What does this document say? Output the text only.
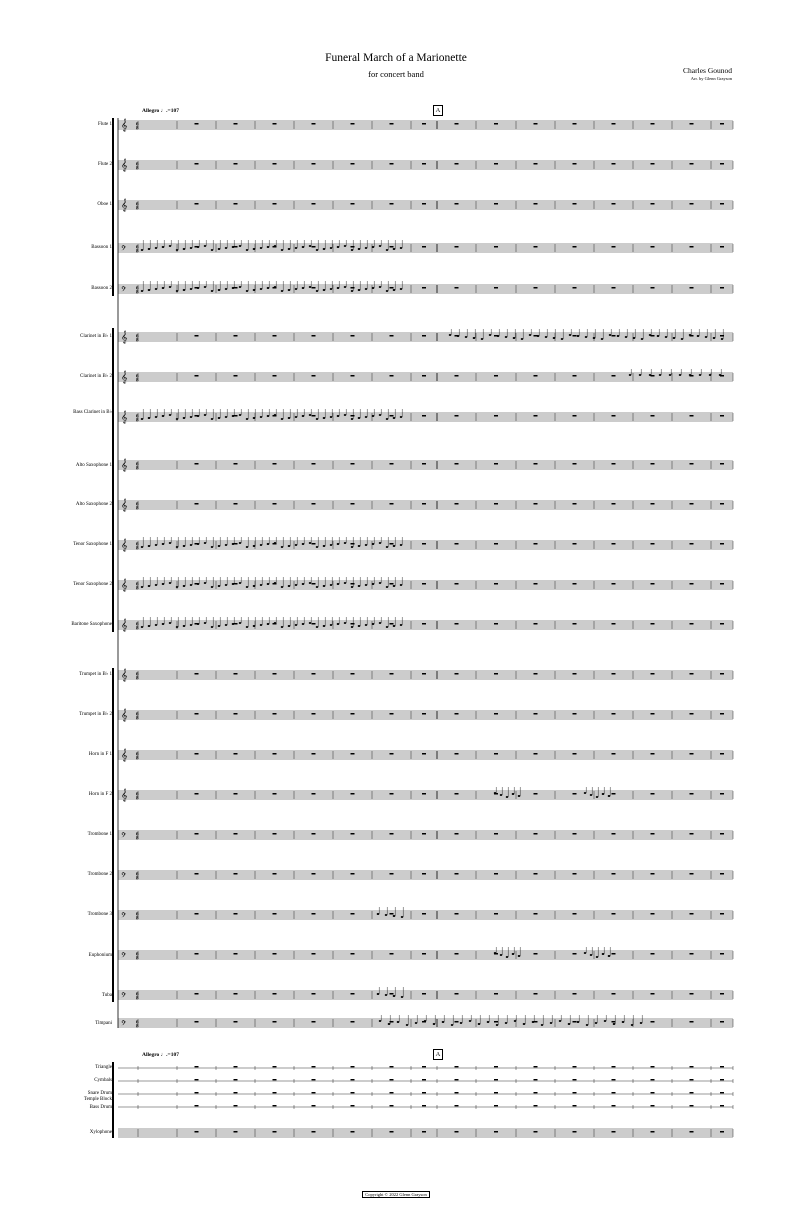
Funeral March of a Marionette
for concert band	Charles Gounod
Arr. by Glenn Grayson
Allegro ♩.=107	A
Allegro ♩.=107	A
Flute 1
Flute 2
Oboe 1
Bassoon 1
Bassoon 2
Clarinet in B♭ 1
Clarinet in B♭ 2
Bass Clarinet in B♭
Alto Saxophone 1
Alto Saxophone 2
Tenor Saxophone 1
Tenor Saxophone 2
Baritone Saxophone
Trumpet in B♭ 1
Trumpet in B♭ 2
Horn in F 1
Horn in F 2
Trombone 1
Trombone 2
Trombone 3
Euphonium
Tuba
Timpani
Triangle
Cymbals
Snare Drum
Temple Block
Bass Drum
Xylophone
𝄞 6
8
𝄞 6
8
𝄞 6
8
𝄢 6
8
𝄢 6
8
𝄞 6
8
𝄞 6
8
𝄞 6
8
𝄞 6
8
𝄞 6
8
𝄞 6
8
𝄞 6
8
𝄞 6
8
𝄞 6
8
𝄞 6
8
𝄞 6
8
𝄞 6
8
𝄢 6
8
𝄢 6
8
𝄢 6
8
𝄢 6
8
𝄢 6
8
𝄢 6
8
Copyright © 2022 Glenn Grayson
